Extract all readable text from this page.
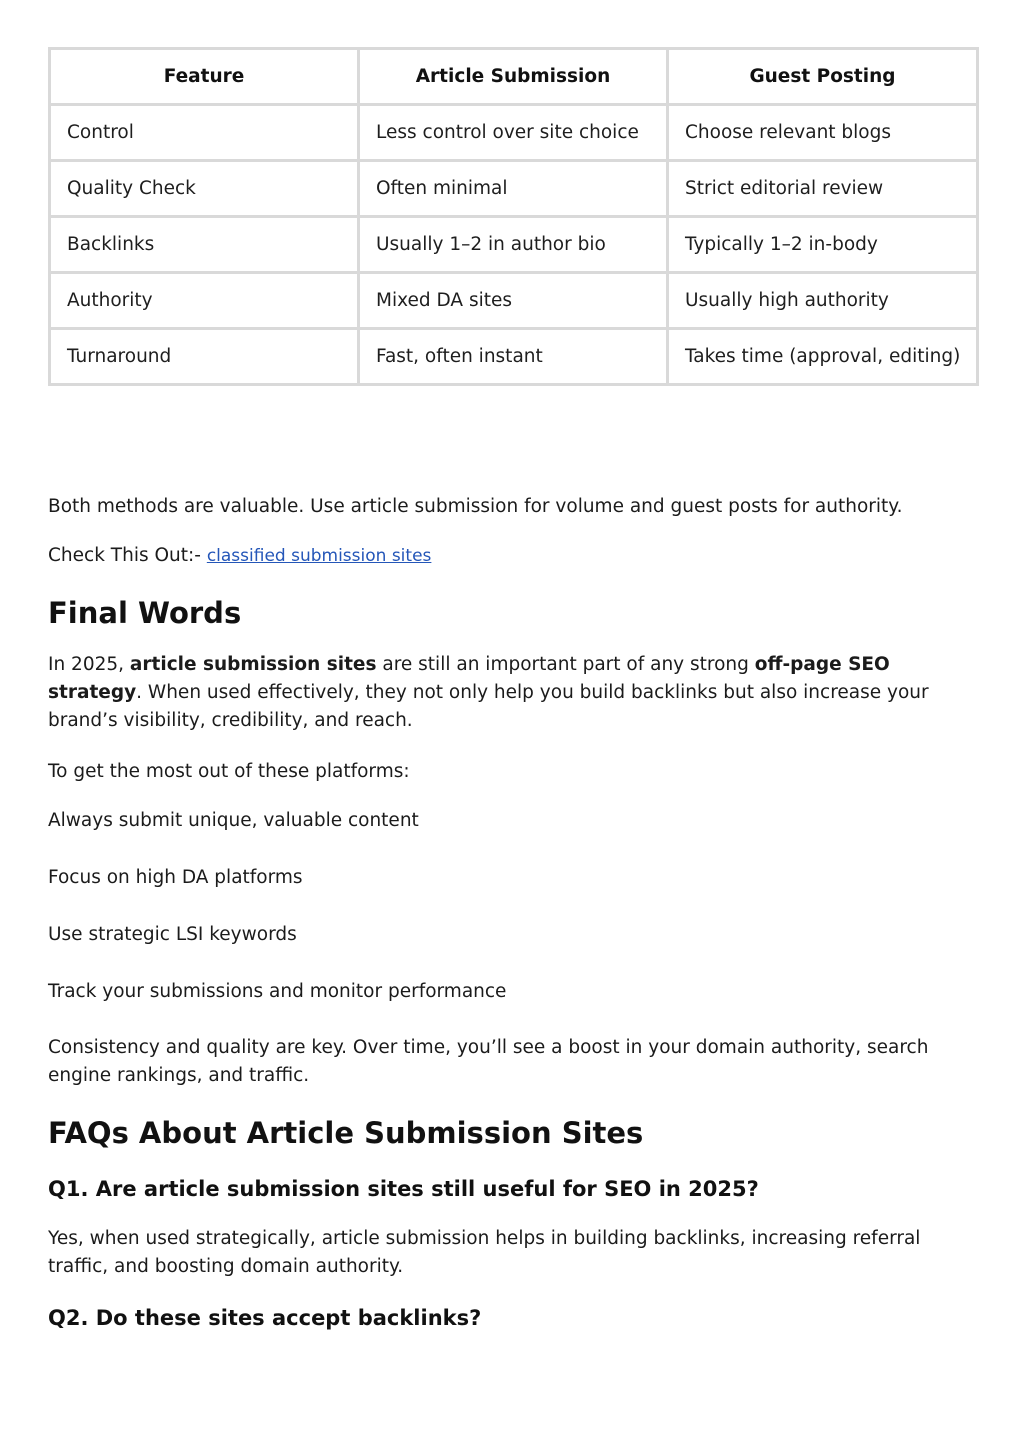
Feature	Article Submission	Guest Posting
Control	Less control over site choice	Choose relevant blogs
Quality Check	Often minimal	Strict editorial review
Backlinks	Usually 1–2 in author bio	Typically 1–2 in-body
Authority	Mixed DA sites	Usually high authority
Turnaround	Fast, often instant	Takes time (approval, editing)

Both methods are valuable. Use article submission for volume and guest posts for authority.

Check This Out:- classified submission sites

Final Words

In 2025, article submission sites are still an important part of any strong off-page SEO strategy. When used effectively, they not only help you build backlinks but also increase your brand’s visibility, credibility, and reach.

To get the most out of these platforms:

Always submit unique, valuable content
Focus on high DA platforms
Use strategic LSI keywords
Track your submissions and monitor performance

Consistency and quality are key. Over time, you’ll see a boost in your domain authority, search engine rankings, and traffic.

FAQs About Article Submission Sites
Q1. Are article submission sites still useful for SEO in 2025?

Yes, when used strategically, article submission helps in building backlinks, increasing referral traffic, and boosting domain authority.

Q2. Do these sites accept backlinks?
